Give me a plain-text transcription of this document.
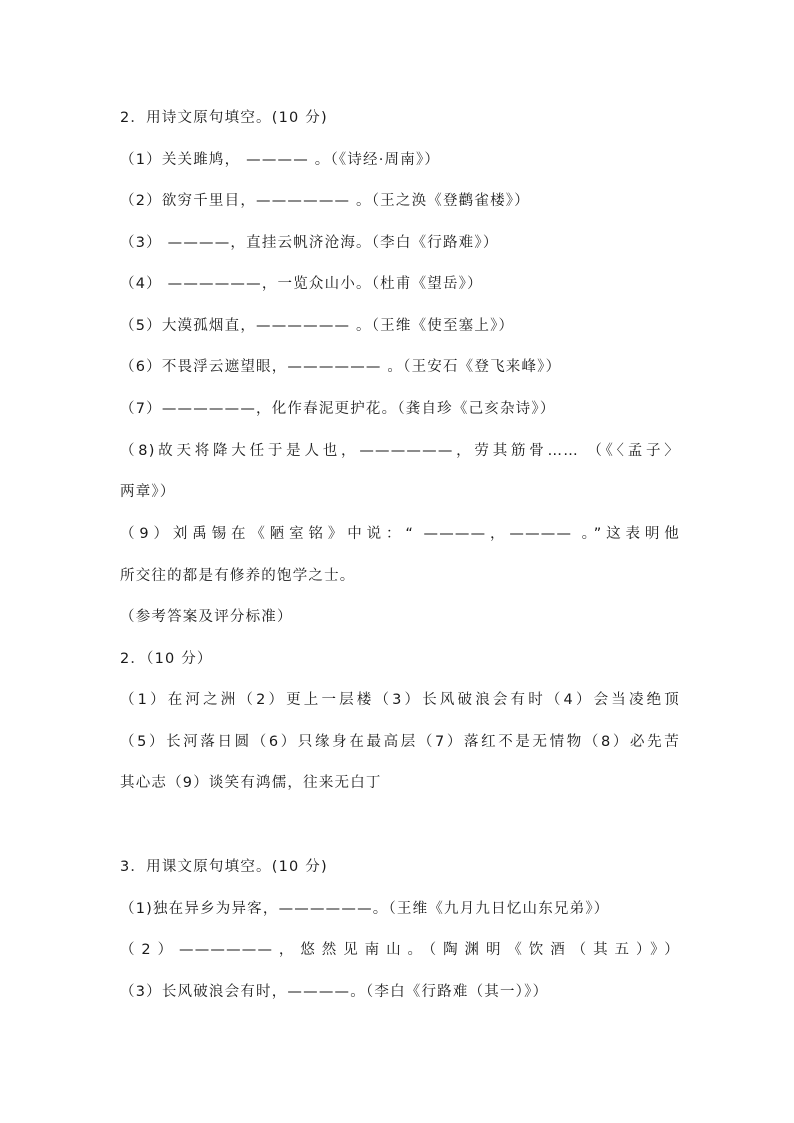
2．用诗文原句填空。(10 分)
（1）关关雎鸠， ———— 。（《诗经·周南》）
（2）欲穷千里目，—————— 。（王之涣《登鹳雀楼》）
（3） ————，直挂云帆济沧海。（李白《行路难》）
（4） ——————，一览众山小。（杜甫《望岳》）
（5）大漠孤烟直，—————— 。（王维《使至塞上》）
（6）不畏浮云遮望眼，—————— 。（王安石《登飞来峰》）
（7）——————，化作春泥更护花。（龚自珍《己亥杂诗》）
（8)故天将降大任于是人也，——————，劳其筋骨…… （《〈孟子〉
两章》）
（9）刘禹锡在《陋室铭》中说：“ ————，———— 。”这表明他
所交往的都是有修养的饱学之士。
（参考答案及评分标准）
2．（10 分）
（1）在河之洲（2）更上一层楼（3）长风破浪会有时（4）会当凌绝顶
（5）长河落日圆（6）只缘身在最高层（7）落红不是无情物（8）必先苦
其心志（9）谈笑有鸿儒，往来无白丁
3．用课文原句填空。(10 分)
（1)独在异乡为异客，——————。（王维《九月九日忆山东兄弟》）
（2）——————，悠然见南山。（陶渊明《饮酒（其五）》）
（3）长风破浪会有时，————。（李白《行路难（其一）》）
